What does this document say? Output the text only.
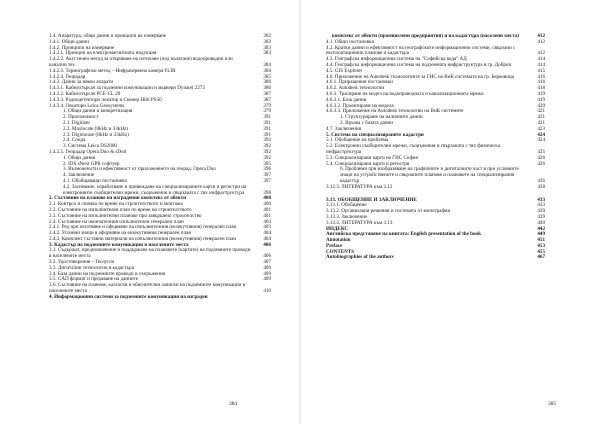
1.4. Апаратура, общи данни и принципи на измерване	382
1.4.1. Общи данни	382
1.4.2. Принципи на измерване	383
1.4.2.1. Принцип на електромагнитната индукция	383
1.4.2.2. Акустичен метод за откриване на изтичане (под налягане) водопроводни или канални тех	384
1.4.2.3. Термографски метод – Инфрачервена камера FLIR	384
1.4.2.4. Георадар	385
1.4.3. Данни за някои апарати	386
1.4.3.1. Кабелотърсач за подземни комуникации и маркери Dynatel 2273	386
1.4.3.2. Кабелотърсач PCE-CL 20	387
1.4.3.3. Радиодетектори локатор и Скенер Hilti PS50	387
1.4.3.4. Локатори Leica Geosystems	379
1. Общи данни и конкретизация	379
2. Приложимост	391
2.1. Digitizer	391
2.2. Maxlocate (8kHz и 33kHz)	391
2.3. Digimouse (8kHz и 33kHz)	391
2.4. Сонда	392
3. Система Leica DS2000	392
1.4.3.5. Георадар Opera Duo & sDoit	392
1. Общи данни	392
2. IDS sNext GPR софтуер	395
3. Възможности и ефективност от приложението на георад. Opera Duo	396
4. Заключение	397
4.1. Обобщаващи постановки	397
4.2. Заснемане, изработване и привеждане на специализираните карти и регистри на електронните съобщителни мрежи, съоръжения и свързаната с тях инфраструктура	398
2. Състояние на плановe на изградения комплекс от обекти	400
2.1. Контрол и снимка по време на строителството и монтажа	400
2.2. Състояние на изпълнителен план по време на строителството	401
2.3. Състояние на изпълнителни планове при завършено строителство	401
2.4. Състояние на окончателния изпълнителен генерален план	403
2.4.1. Ред при изготвяне и оформяне на изпълнителния (екзекутивния) генерален план	403
2.4.2. Условни знаци в оформяне на екзекутивния генерален план	404
2.4.3. Комплект съставни материали на изпълнителния (екзекутивния) генерален план	404
3. Кадастър на подземните комуникации в населените места	406
3.1. Съдържат, предназначение и поддържане на плановете (картите) на подземните проводи в населените места	406
3.2. Удостоверения – Геозугли	407
3.3. Дигитални технологии в кадастъра	409
3.4. База данни на подземните проводи и съоръжения	409
3.5. CAD формат и предаване на данните	409
3.6. Състояние на плановe, каталози и обяснителни записки на подземните комуникации в населените места	410
4. Информационни системи за подземните комуникации на изграден
384
комплекс от обекти (промишлени предприятия) и на кадастъра (населени места)	412
4.1. Общи постановки	412
4.2. Кратки данни и ефективност на географските информационни системи, свързани с експлоатационни планове и кадастъра	412
4.3. Географска информационна система на "Софийска вода" АД	414
4.4. Географска информационна система на подземната инфраструктура в гр. Добрич	414
4.5. GIS Explorer	415
4.6. Приложение на Autodesk технологиите за ГИС на ВиК системата на гр. Берковица	416
4.6.1. Приращения постановки	416
4.6.2. Autodesk технологии	418
4.6.3. Трасиране на модел на водопроводната и канализационната мрежа	419
4.6.3.1. База данни	419
4.6.3.2. Проектиране на модела	420
4.6.3.3. Приложение на Autodesk технологии на ВиК системите	421
1. Структуриране на наличните данни	421
2. Връзка с базата данни	421
4.7. Заключения	423
5. Система на специализираните кадастри	424
5.1. Обобщение на проблема	424
5.2. Електронни съобщителни мрежи, съоръжения и свързаната с тях физическа инфраструктура	425
5.3. Специализирани карти на ГИС София	426
5.4. Специализирани карти и регистри	426
6. Проблеми при изобразяване на графичните и дигиталните част в при условните знаци на устройствените и свързаните планове и плановете на специализирания кадастър	426
3.12.3. ЛИТЕРАТУРА към 3.12	428
3.13. ОБОБЩЕНИЕ И ЗАКЛЮЧЕНИЕ	433
3.13.1. Обобщение	433
3.13.2. Организация решения и системата от монографии	439
3.13.3. Заключение	439
3.13.4. ЛИТЕРАТУРА към 3.13	440
ИНДЕКС	442
Английско представяне на книгата: English presentation of the book	449
Annotation	451
Preface	453
CONTENTS	455
Autobiographies of the authors	467
385
